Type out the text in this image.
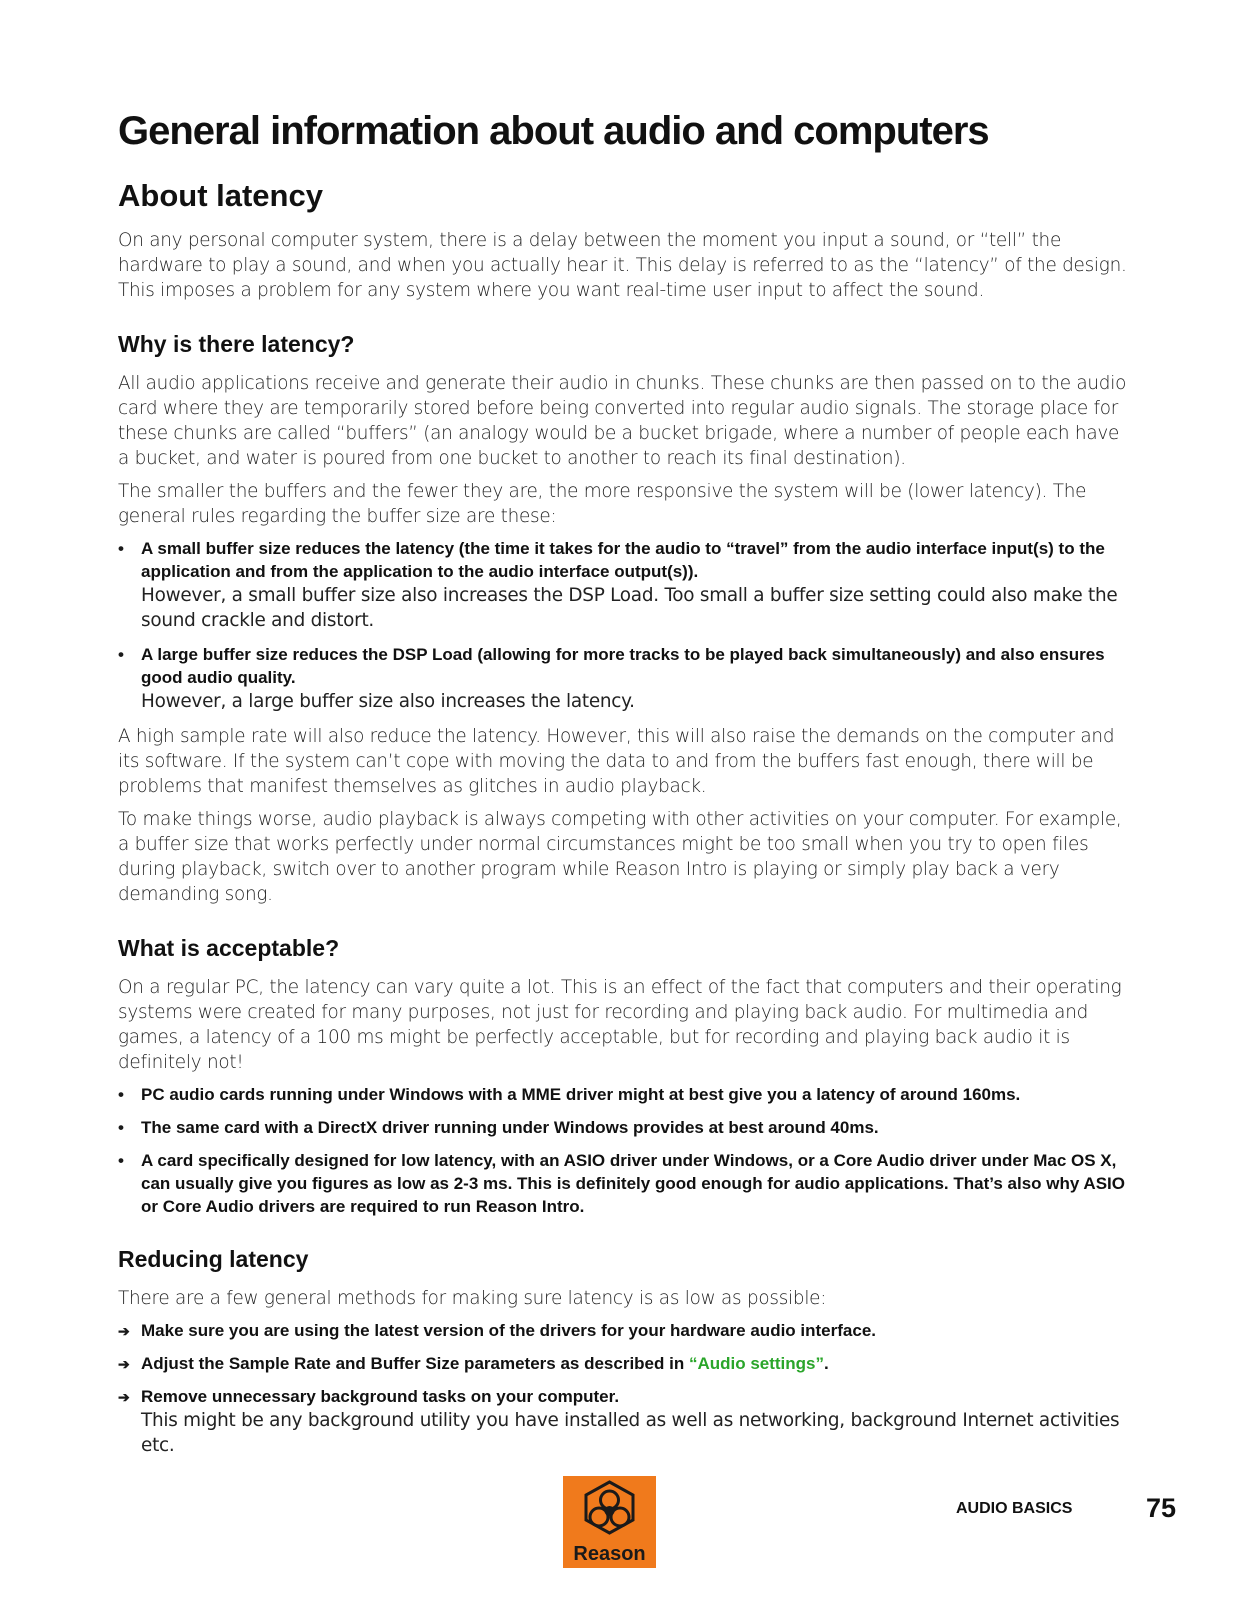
General information about audio and computers
About latency

On any personal computer system, there is a delay between the moment you input a sound, or “tell” the hardware to play a sound, and when you actually hear it. This delay is referred to as the “latency” of the design. This imposes a problem for any system where you want real-time user input to affect the sound.

Why is there latency?

All audio applications receive and generate their audio in chunks. These chunks are then passed on to the audio card where they are temporarily stored before being converted into regular audio signals. The storage place for these chunks are called “buffers” (an analogy would be a bucket brigade, where a number of people each have a bucket, and water is poured from one bucket to another to reach its final destination).

The smaller the buffers and the fewer they are, the more responsive the system will be (lower latency). The general rules regarding the buffer size are these:

• A small buffer size reduces the latency (the time it takes for the audio to “travel” from the audio interface input(s) to the application and from the application to the audio interface output(s)).
However, a small buffer size also increases the DSP Load. Too small a buffer size setting could also make the sound crackle and distort.
• A large buffer size reduces the DSP Load (allowing for more tracks to be played back simultaneously) and also ensures good audio quality.
However, a large buffer size also increases the latency.

A high sample rate will also reduce the latency. However, this will also raise the demands on the computer and its software. If the system can’t cope with moving the data to and from the buffers fast enough, there will be problems that manifest themselves as glitches in audio playback.

To make things worse, audio playback is always competing with other activities on your computer. For example, a buffer size that works perfectly under normal circumstances might be too small when you try to open files during playback, switch over to another program while Reason Intro is playing or simply play back a very demanding song.

What is acceptable?

On a regular PC, the latency can vary quite a lot. This is an effect of the fact that computers and their operating systems were created for many purposes, not just for recording and playing back audio. For multimedia and games, a latency of a 100 ms might be perfectly acceptable, but for recording and playing back audio it is definitely not!

• PC audio cards running under Windows with a MME driver might at best give you a latency of around 160ms.
• The same card with a DirectX driver running under Windows provides at best around 40ms.
• A card specifically designed for low latency, with an ASIO driver under Windows, or a Core Audio driver under Mac OS X, can usually give you figures as low as 2-3 ms. This is definitely good enough for audio applications. That’s also why ASIO or Core Audio drivers are required to run Reason Intro.
Reducing latency

There are a few general methods for making sure latency is as low as possible:

➔ Make sure you are using the latest version of the drivers for your hardware audio interface.
➔ Adjust the Sample Rate and Buffer Size parameters as described in “Audio settings”.
➔ Remove unnecessary background tasks on your computer.
This might be any background utility you have installed as well as networking, background Internet activities etc.
Reason
AUDIO BASICS	75
